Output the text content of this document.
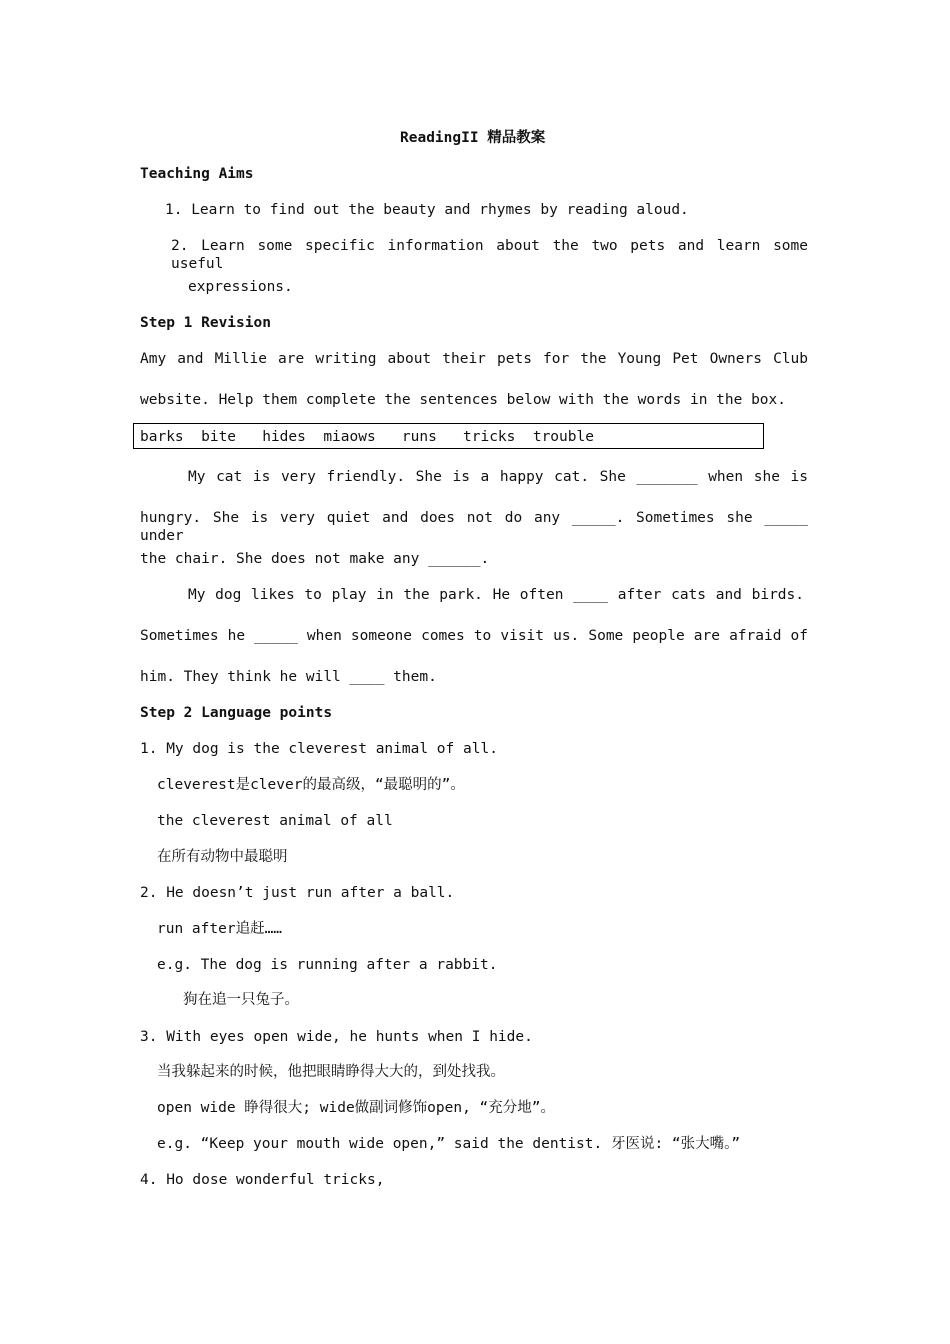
ReadingII 精品教案
Teaching Aims
1. Learn to find out the beauty and rhymes by reading aloud.
2. Learn some specific information about the two pets and learn some useful
expressions.
Step 1 Revision
Amy and Millie are writing about their pets for the Young Pet Owners Club
website. Help them complete the sentences below with the words in the box.
barks  bite   hides  miaows   runs   tricks  trouble
My cat is very friendly. She is a happy cat. She _______ when she is
hungry. She is very quiet and does not do any _____. Sometimes she _____ under
the chair. She does not make any ______.
My dog likes to play in the park. He often ____ after cats and birds.
Sometimes he _____ when someone comes to visit us. Some people are afraid of
him. They think he will ____ them.
Step 2 Language points
1. My dog is the cleverest animal of all.
cleverest是clever的最高级，“最聪明的”。
the cleverest animal of all
在所有动物中最聪明
2. He doesn’t just run after a ball.
run after追赶……
e.g. The dog is running after a rabbit.
狗在追一只兔子。
3. With eyes open wide, he hunts when I hide.
当我躲起来的时候，他把眼睛睁得大大的，到处找我。
open wide 睁得很大; wide做副词修饰open, “充分地”。
e.g. “Keep your mouth wide open,” said the dentist. 牙医说: “张大嘴。”
4. Ho dose wonderful tricks,
